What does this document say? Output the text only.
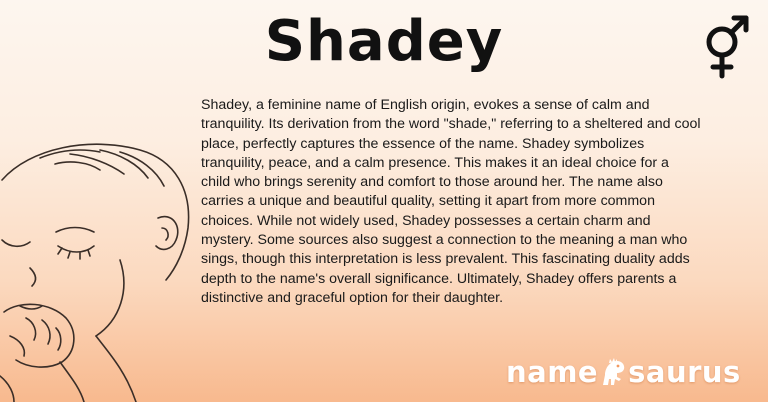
Shadey

Shadey, a feminine name of English origin, evokes a sense of calm and tranquility. Its derivation from the word "shade," referring to a sheltered and cool place, perfectly captures the essence of the name. Shadey symbolizes tranquility, peace, and a calm presence. This makes it an ideal choice for a child who brings serenity and comfort to those around her. The name also carries a unique and beautiful quality, setting it apart from more common choices. While not widely used, Shadey possesses a certain charm and mystery. Some sources also suggest a connection to the meaning a man who sings, though this interpretation is less prevalent. This fascinating duality adds depth to the name's overall significance. Ultimately, Shadey offers parents a distinctive and graceful option for their daughter.

name saurus
